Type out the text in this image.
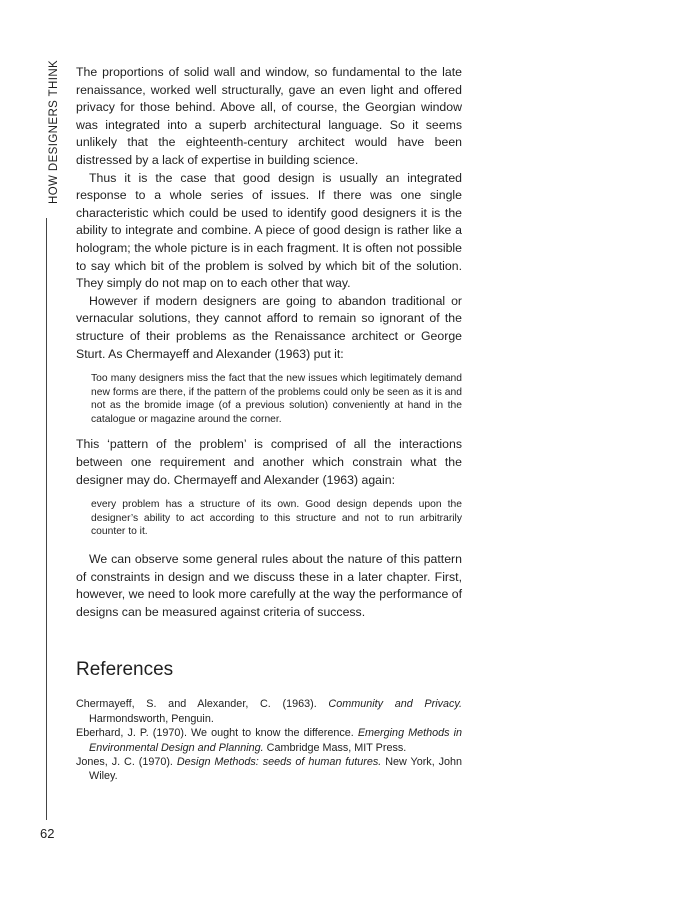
HOW DESIGNERS THINK
62

The proportions of solid wall and window, so fundamental to the late renaissance, worked well structurally, gave an even light and offered privacy for those behind. Above all, of course, the Georgian window was integrated into a superb architectural language. So it seems unlikely that the eighteenth-century architect would have been distressed by a lack of expertise in building science.

Thus it is the case that good design is usually an integrated response to a whole series of issues. If there was one single characteristic which could be used to identify good designers it is the ability to integrate and combine. A piece of good design is rather like a hologram; the whole picture is in each fragment. It is often not possible to say which bit of the problem is solved by which bit of the solution. They simply do not map on to each other that way.

However if modern designers are going to abandon traditional or vernacular solutions, they cannot afford to remain so ignorant of the structure of their problems as the Renaissance architect or George Sturt. As Chermayeff and Alexander (1963) put it:

Too many designers miss the fact that the new issues which legitimately demand new forms are there, if the pattern of the problems could only be seen as it is and not as the bromide image (of a previous solution) conveniently at hand in the catalogue or magazine around the corner.

This ‘pattern of the problem’ is comprised of all the interactions between one requirement and another which constrain what the designer may do. Chermayeff and Alexander (1963) again:

every problem has a structure of its own. Good design depends upon the designer’s ability to act according to this structure and not to run arbitrarily counter to it.

We can observe some general rules about the nature of this pattern of constraints in design and we discuss these in a later chapter. First, however, we need to look more carefully at the way the performance of designs can be measured against criteria of success.

References
Chermayeff, S. and Alexander, C. (1963). Community and Privacy. Harmondsworth, Penguin.
Eberhard, J. P. (1970). We ought to know the difference. Emerging Methods in Environmental Design and Planning. Cambridge Mass, MIT Press.
Jones, J. C. (1970). Design Methods: seeds of human futures. New York, John Wiley.
